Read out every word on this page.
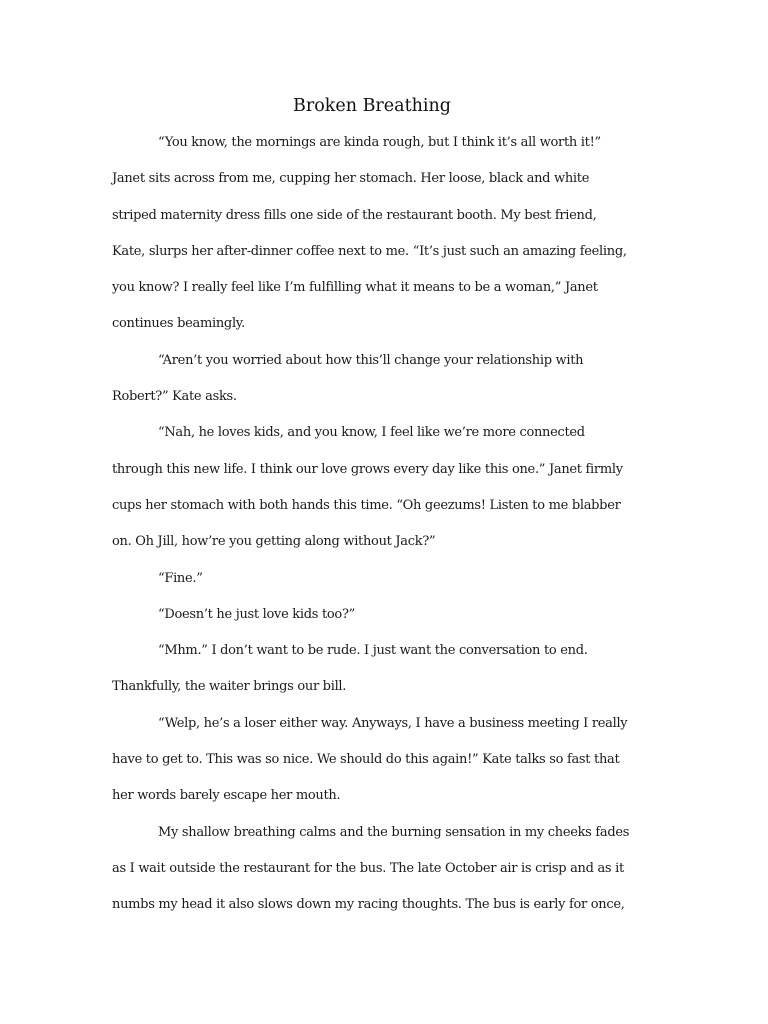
Broken Breathing

“You know, the mornings are kinda rough, but I think it’s all worth it!” Janet sits across from me, cupping her stomach. Her loose, black and white striped maternity dress fills one side of the restaurant booth. My best friend, Kate, slurps her after-dinner coffee next to me. “It’s just such an amazing feeling, you know? I really feel like I’m fulfilling what it means to be a woman,” Janet continues beamingly.

“Aren’t you worried about how this’ll change your relationship with Robert?” Kate asks.

“Nah, he loves kids, and you know, I feel like we’re more connected through this new life. I think our love grows every day like this one.” Janet firmly cups her stomach with both hands this time. “Oh geezums! Listen to me blabber on. Oh Jill, how’re you getting along without Jack?”

“Fine.”

“Doesn’t he just love kids too?”

“Mhm.” I don’t want to be rude. I just want the conversation to end. Thankfully, the waiter brings our bill.

“Welp, he’s a loser either way. Anyways, I have a business meeting I really have to get to. This was so nice. We should do this again!” Kate talks so fast that her words barely escape her mouth.

My shallow breathing calms and the burning sensation in my cheeks fades as I wait outside the restaurant for the bus. The late October air is crisp and as it numbs my head it also slows down my racing thoughts. The bus is early for once,
